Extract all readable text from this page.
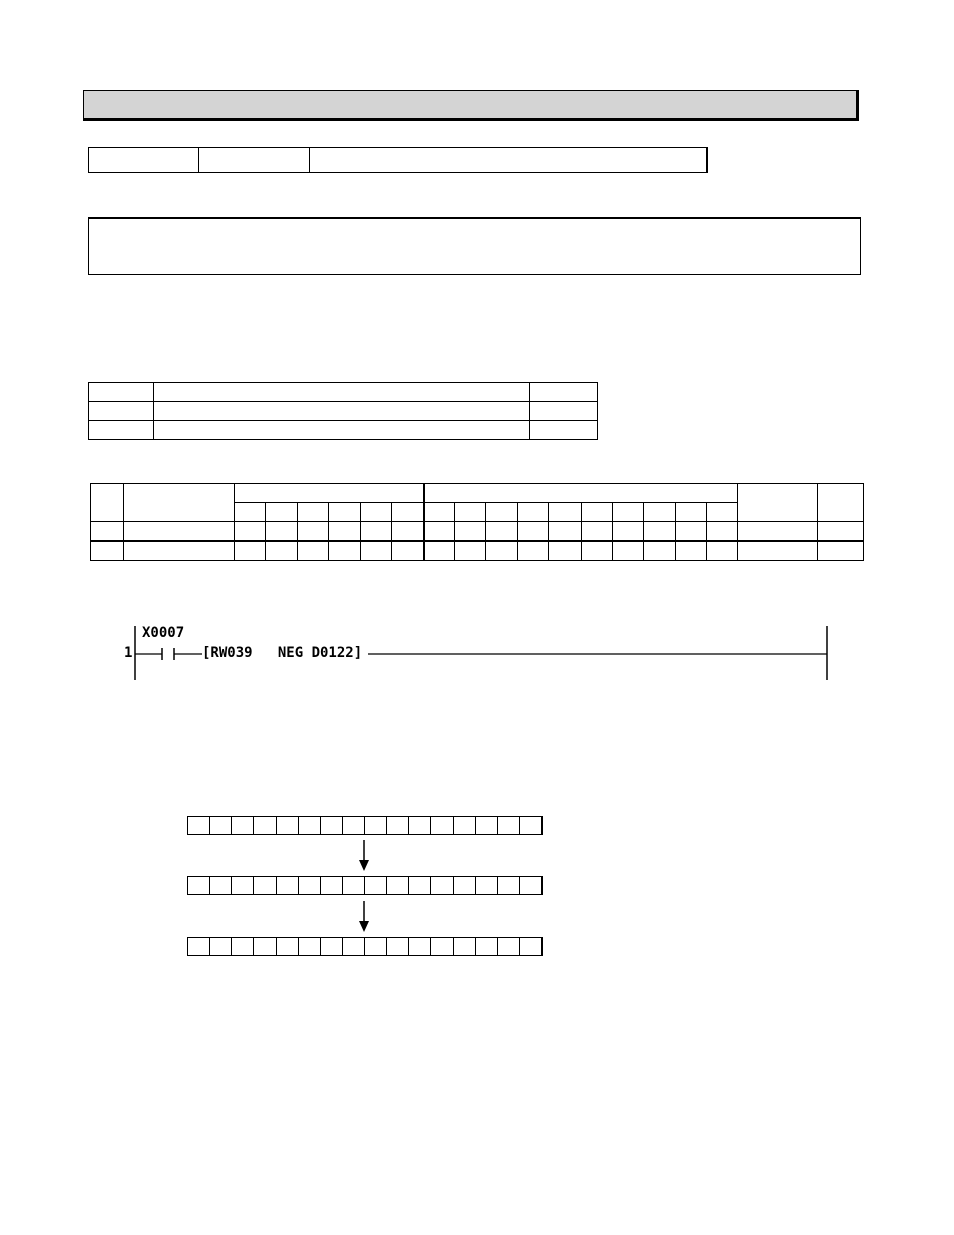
1
X0007
[RW039   NEG D0122]
